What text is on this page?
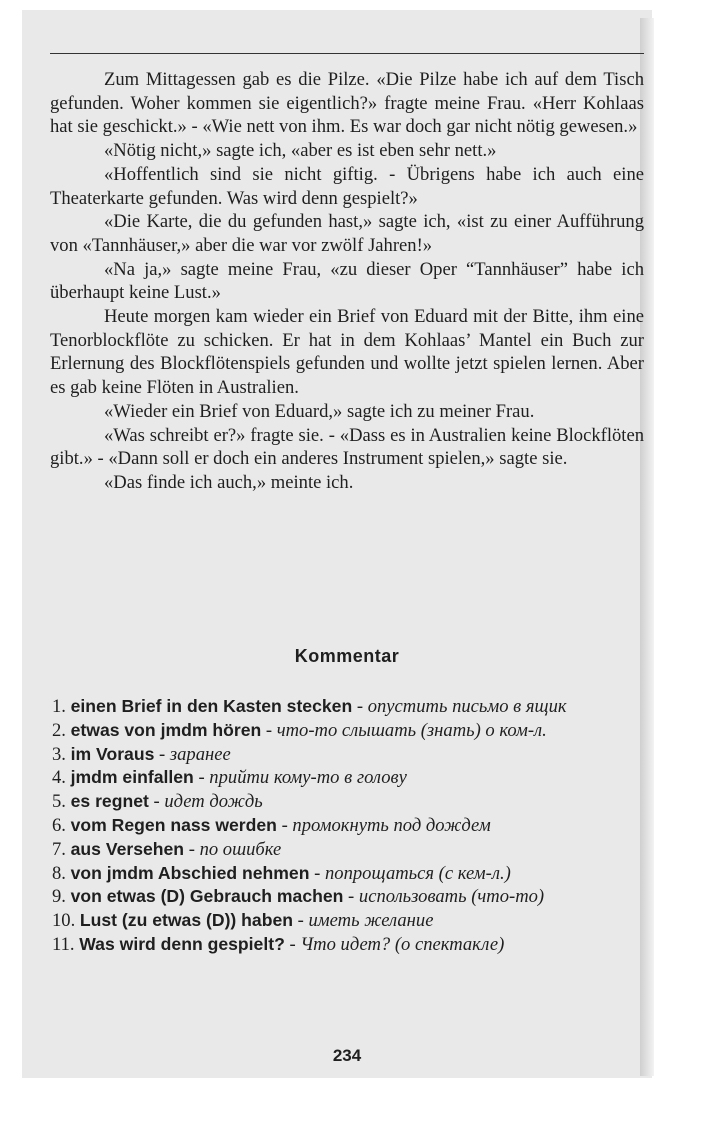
Zum Mittagessen gab es die Pilze. «Die Pilze habe ich auf dem Tisch gefunden. Woher kommen sie eigentlich?» fragte meine Frau. «Herr Kohlaas hat sie geschickt.» - «Wie nett von ihm. Es war doch gar nicht nötig gewesen.»

«Nötig nicht,» sagte ich, «aber es ist eben sehr nett.»

«Hoffentlich sind sie nicht giftig. - Übrigens habe ich auch eine Theaterkarte gefunden. Was wird denn gespielt?»

«Die Karte, die du gefunden hast,» sagte ich, «ist zu einer Aufführung von «Tannhäuser,» aber die war vor zwölf Jahren!»

«Na ja,» sagte meine Frau, «zu dieser Oper “Tannhäuser” habe ich überhaupt keine Lust.»

Heute morgen kam wieder ein Brief von Eduard mit der Bitte, ihm eine Tenorblockflöte zu schicken. Er hat in dem Kohlaas’ Mantel ein Buch zur Erlernung des Blockflötenspiels gefunden und wollte jetzt spielen lernen. Aber es gab keine Flöten in Australien.

«Wieder ein Brief von Eduard,» sagte ich zu meiner Frau.

«Was schreibt er?» fragte sie. - «Dass es in Australien keine Blockflöten gibt.» - «Dann soll er doch ein anderes Instrument spielen,» sagte sie.

«Das finde ich auch,» meinte ich.

Kommentar
1. einen Brief in den Kasten stecken - опустить письмо в ящик
2. etwas von jmdm hören - что-то слышать (знать) о ком-л.
3. im Voraus - заранее
4. jmdm einfallen - прийти кому-то в голову
5. es regnet - идет дождь
6. vom Regen nass werden - промокнуть под дождем
7. aus Versehen - по ошибке
8. von jmdm Abschied nehmen - попрощаться (с кем-л.)
9. von etwas (D) Gebrauch machen - использовать (что-то)
10. Lust (zu etwas (D)) haben - иметь желание
11. Was wird denn gespielt? - Что идет? (о спектакле)
234
